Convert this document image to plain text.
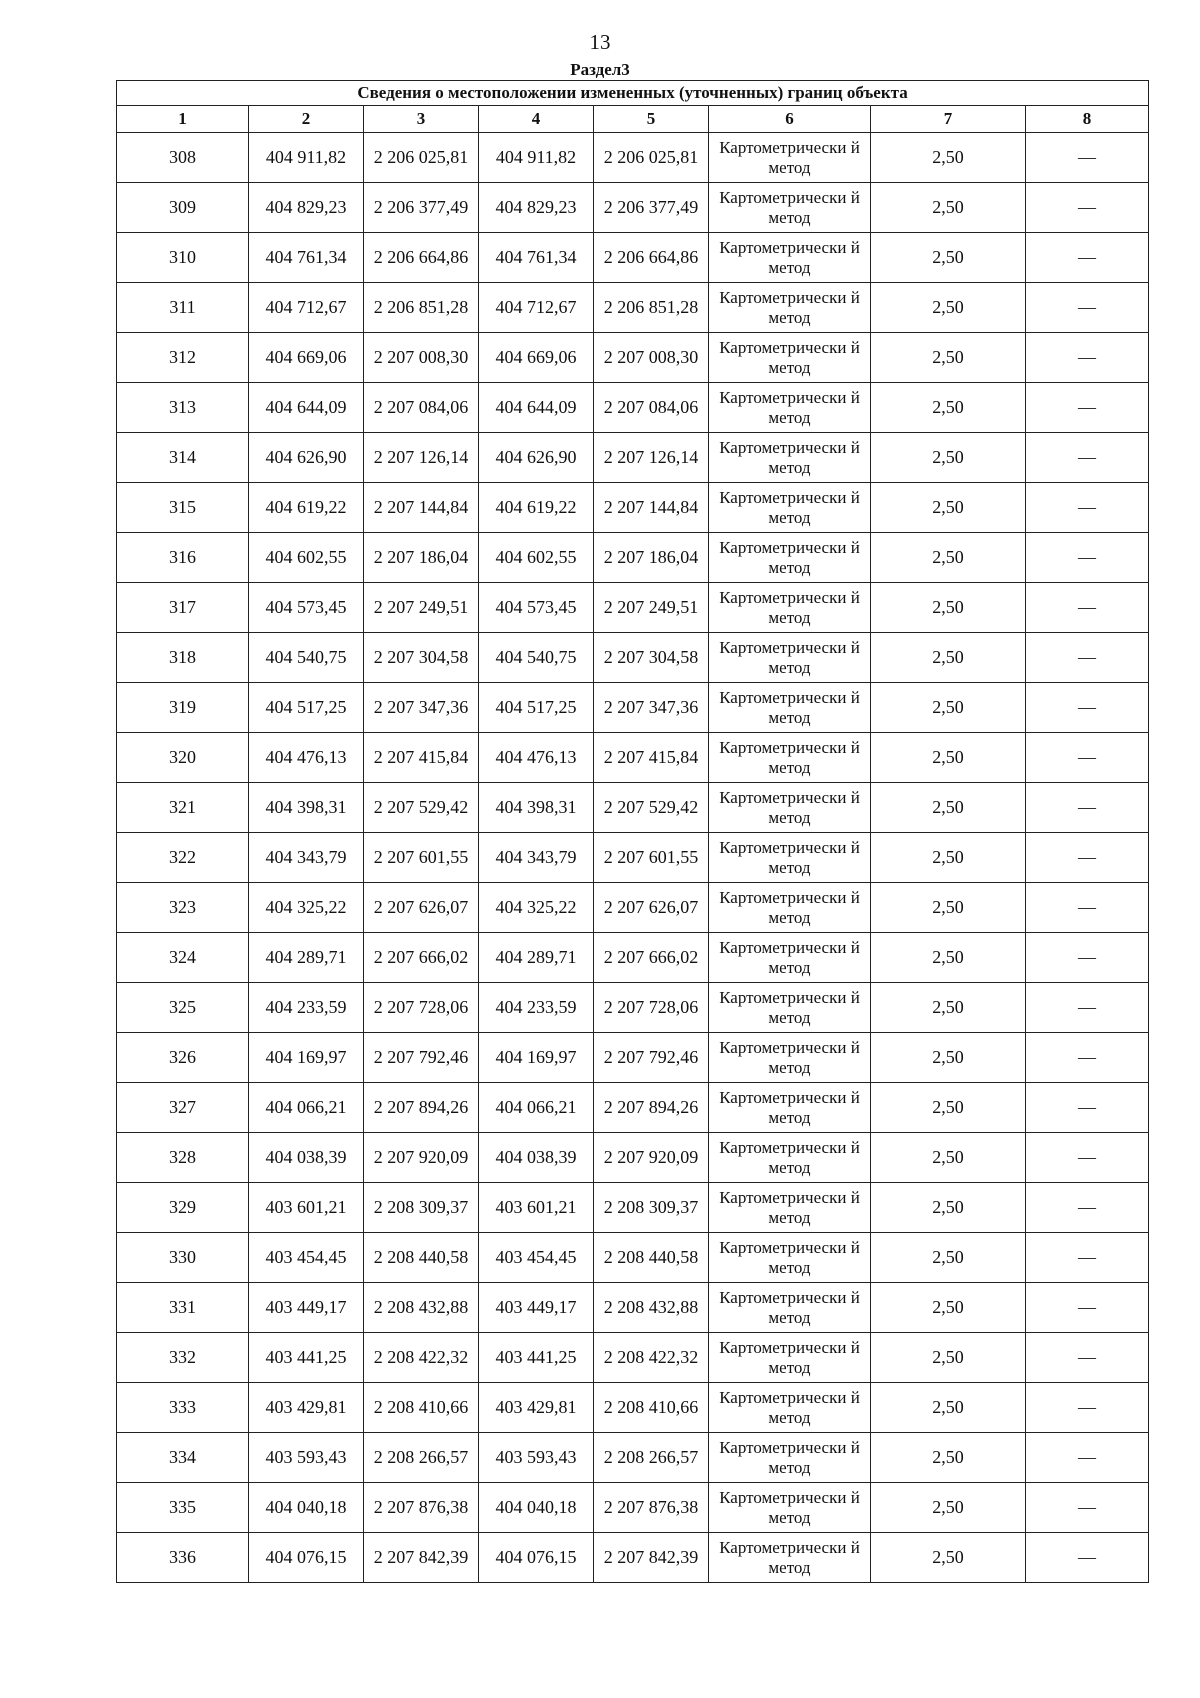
13
Раздел3
Сведения о местоположении измененных (уточненных) границ объекта							
1	2	3	4	5	6	7	8
308	404 911,82	2 206 025,81	404 911,82	2 206 025,81	Картометрически й метод	2,50	—
309	404 829,23	2 206 377,49	404 829,23	2 206 377,49	Картометрически й метод	2,50	—
310	404 761,34	2 206 664,86	404 761,34	2 206 664,86	Картометрически й метод	2,50	—
311	404 712,67	2 206 851,28	404 712,67	2 206 851,28	Картометрически й метод	2,50	—
312	404 669,06	2 207 008,30	404 669,06	2 207 008,30	Картометрически й метод	2,50	—
313	404 644,09	2 207 084,06	404 644,09	2 207 084,06	Картометрически й метод	2,50	—
314	404 626,90	2 207 126,14	404 626,90	2 207 126,14	Картометрически й метод	2,50	—
315	404 619,22	2 207 144,84	404 619,22	2 207 144,84	Картометрически й метод	2,50	—
316	404 602,55	2 207 186,04	404 602,55	2 207 186,04	Картометрически й метод	2,50	—
317	404 573,45	2 207 249,51	404 573,45	2 207 249,51	Картометрически й метод	2,50	—
318	404 540,75	2 207 304,58	404 540,75	2 207 304,58	Картометрически й метод	2,50	—
319	404 517,25	2 207 347,36	404 517,25	2 207 347,36	Картометрически й метод	2,50	—
320	404 476,13	2 207 415,84	404 476,13	2 207 415,84	Картометрически й метод	2,50	—
321	404 398,31	2 207 529,42	404 398,31	2 207 529,42	Картометрически й метод	2,50	—
322	404 343,79	2 207 601,55	404 343,79	2 207 601,55	Картометрически й метод	2,50	—
323	404 325,22	2 207 626,07	404 325,22	2 207 626,07	Картометрически й метод	2,50	—
324	404 289,71	2 207 666,02	404 289,71	2 207 666,02	Картометрически й метод	2,50	—
325	404 233,59	2 207 728,06	404 233,59	2 207 728,06	Картометрически й метод	2,50	—
326	404 169,97	2 207 792,46	404 169,97	2 207 792,46	Картометрически й метод	2,50	—
327	404 066,21	2 207 894,26	404 066,21	2 207 894,26	Картометрически й метод	2,50	—
328	404 038,39	2 207 920,09	404 038,39	2 207 920,09	Картометрически й метод	2,50	—
329	403 601,21	2 208 309,37	403 601,21	2 208 309,37	Картометрически й метод	2,50	—
330	403 454,45	2 208 440,58	403 454,45	2 208 440,58	Картометрически й метод	2,50	—
331	403 449,17	2 208 432,88	403 449,17	2 208 432,88	Картометрически й метод	2,50	—
332	403 441,25	2 208 422,32	403 441,25	2 208 422,32	Картометрически й метод	2,50	—
333	403 429,81	2 208 410,66	403 429,81	2 208 410,66	Картометрически й метод	2,50	—
334	403 593,43	2 208 266,57	403 593,43	2 208 266,57	Картометрически й метод	2,50	—
335	404 040,18	2 207 876,38	404 040,18	2 207 876,38	Картометрически й метод	2,50	—
336	404 076,15	2 207 842,39	404 076,15	2 207 842,39	Картометрически й метод	2,50	—
